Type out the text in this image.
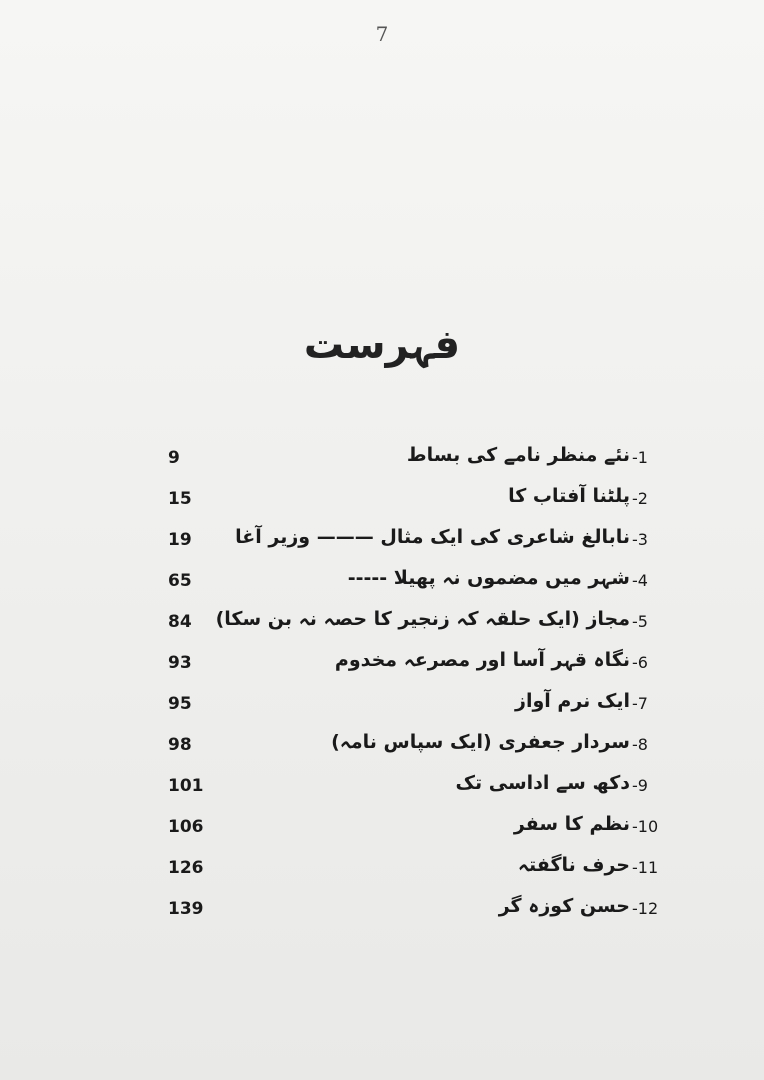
7
فہرست
9	نئے منظر نامے کی بساط -1
15	پلٹنا آفتاب کا -2
19	نابالغ شاعری کی ایک مثال ——— وزیر آغا -3
65	شہر میں مضموں نہ پھیلا ----- -4
84	مجاز (ایک حلقہ کہ زنجیر کا حصہ نہ بن سکا) -5
93	نگاہ قہر آسا اور مصرعہ مخدوم -6
95	ایک نرم آواز -7
98	سردار جعفری (ایک سپاس نامہ) -8
101	دکھ سے اداسی تک -9
106	نظم کا سفر -10
126	حرف ناگفتہ -11
139	حسن کوزہ گر -12
